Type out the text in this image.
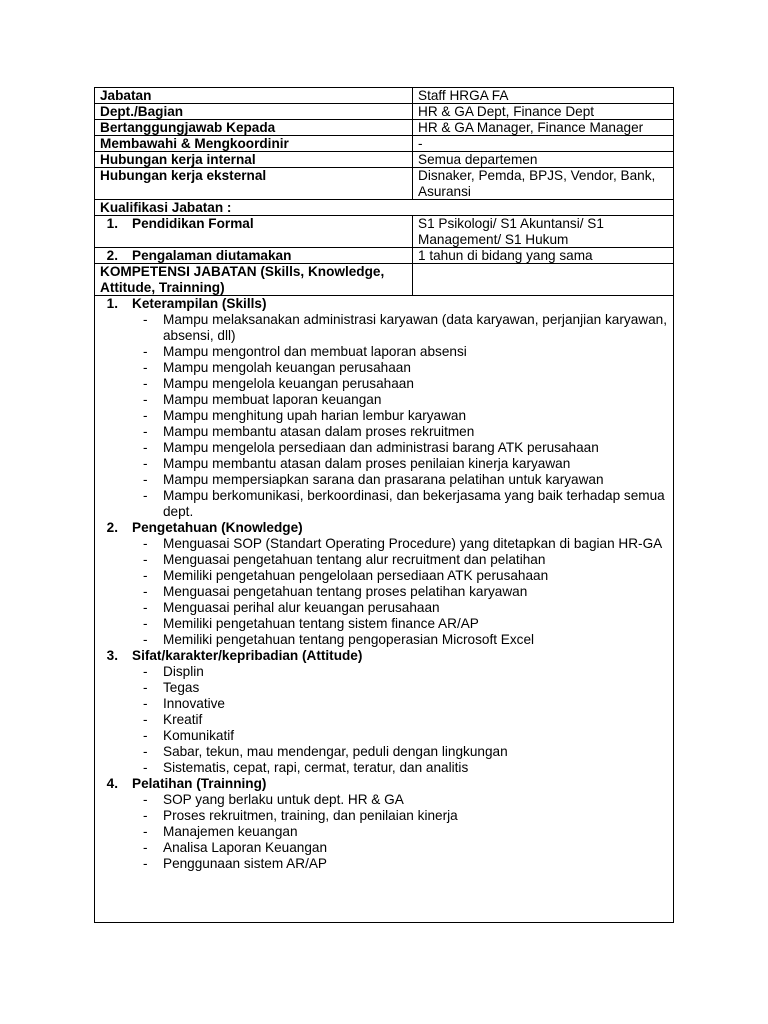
Jabatan	Staff HRGA FA
Dept./Bagian	HR & GA Dept, Finance Dept
Bertanggungjawab Kepada	HR & GA Manager, Finance Manager
Membawahi & Mengkoordinir	-
Hubungan kerja internal	Semua departemen
Hubungan kerja eksternal	Disnaker, Pemda, BPJS, Vendor, Bank, Asuransi
Kualifikasi Jabatan :
1. Pendidikan Formal	S1 Psikologi/ S1 Akuntansi/ S1 Management/ S1 Hukum
2. Pengalaman diutamakan	1 tahun di bidang yang sama
KOMPETENSI JABATAN (Skills, Knowledge, Attitude, Trainning)
1. Keterampilan (Skills)
-	Mampu melaksanakan administrasi karyawan (data karyawan, perjanjian karyawan, absensi, dll)
-	Mampu mengontrol dan membuat laporan absensi
-	Mampu mengolah keuangan perusahaan
-	Mampu mengelola keuangan perusahaan
-	Mampu membuat laporan keuangan
-	Mampu menghitung upah harian lembur karyawan
-	Mampu membantu atasan dalam proses rekruitmen
-	Mampu mengelola persediaan dan administrasi barang ATK perusahaan
-	Mampu membantu atasan dalam proses penilaian kinerja karyawan
-	Mampu mempersiapkan sarana dan prasarana pelatihan untuk karyawan
-	Mampu berkomunikasi, berkoordinasi, dan bekerjasama yang baik terhadap semua dept.
2. Pengetahuan (Knowledge)
-	Menguasai SOP (Standart Operating Procedure) yang ditetapkan di bagian HR-GA
-	Menguasai pengetahuan tentang alur recruitment dan pelatihan
-	Memiliki pengetahuan pengelolaan persediaan ATK perusahaan
-	Menguasai pengetahuan tentang proses pelatihan karyawan
-	Menguasai perihal alur keuangan perusahaan
-	Memiliki pengetahuan tentang sistem finance AR/AP
-	Memiliki pengetahuan tentang pengoperasian Microsoft Excel
3. Sifat/karakter/kepribadian (Attitude)
-	Displin
-	Tegas
-	Innovative
-	Kreatif
-	Komunikatif
-	Sabar, tekun, mau mendengar, peduli dengan lingkungan
-	Sistematis, cepat, rapi, cermat, teratur, dan analitis
4. Pelatihan (Trainning)
-	SOP yang berlaku untuk dept. HR & GA
-	Proses rekruitmen, training, dan penilaian kinerja
-	Manajemen keuangan
-	Analisa Laporan Keuangan
-	Penggunaan sistem AR/AP
